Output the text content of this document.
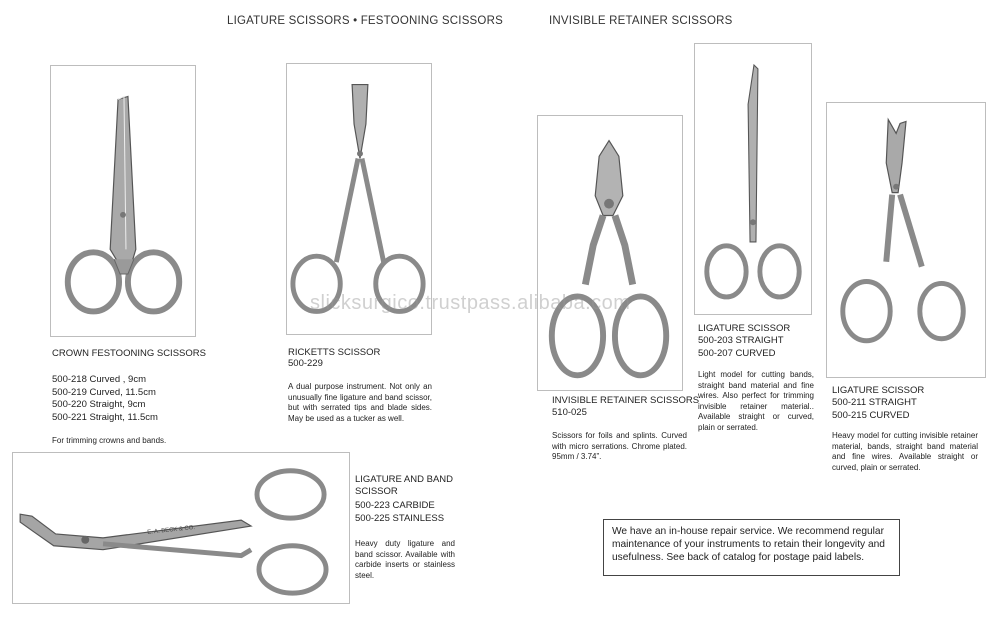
LIGATURE SCISSORS • FESTOONING SCISSORS	INVISIBLE RETAINER SCISSORS
CROWN FESTOONING SCISSORS
500-218 Curved , 9cm
500-219 Curved, 11.5cm
500-220 Straight, 9cm
500-221 Straight, 11.5cm
For trimming crowns and bands.
RICKETTS SCISSOR
500-229
A dual purpose instrument. Not only an unusually fine ligature and band scissor, but with serrated tips and blade sides. May be used as a tucker as well.
E. A. BECK & CO.
LIGATURE AND BAND
SCISSOR
500-223 CARBIDE
500-225 STAINLESS
Heavy duty ligature and band scissor. Available with carbide inserts or stainless steel.
INVISIBLE RETAINER SCISSORS
510-025
Scissors for foils and splints. Curved with micro serrations. Chrome plated. 95mm / 3.74”.
LIGATURE SCISSOR
500-203 STRAIGHT
500-207 CURVED
Light model for cutting bands, straight band material and fine wires. Also perfect for trimming invisible retainer material.. Available straight or curved, plain or serrated.
LIGATURE SCISSOR
500-211 STRAIGHT
500-215 CURVED
Heavy model for cutting invisible retainer material, bands, straight band material and fine wires. Available straight or curved, plain or serrated.
We have an in-house repair service. We recommend regular maintenance of your instruments to retain their longevity and usefulness. See back of catalog for postage paid labels.
slicksurgico.trustpass.alibaba.com
